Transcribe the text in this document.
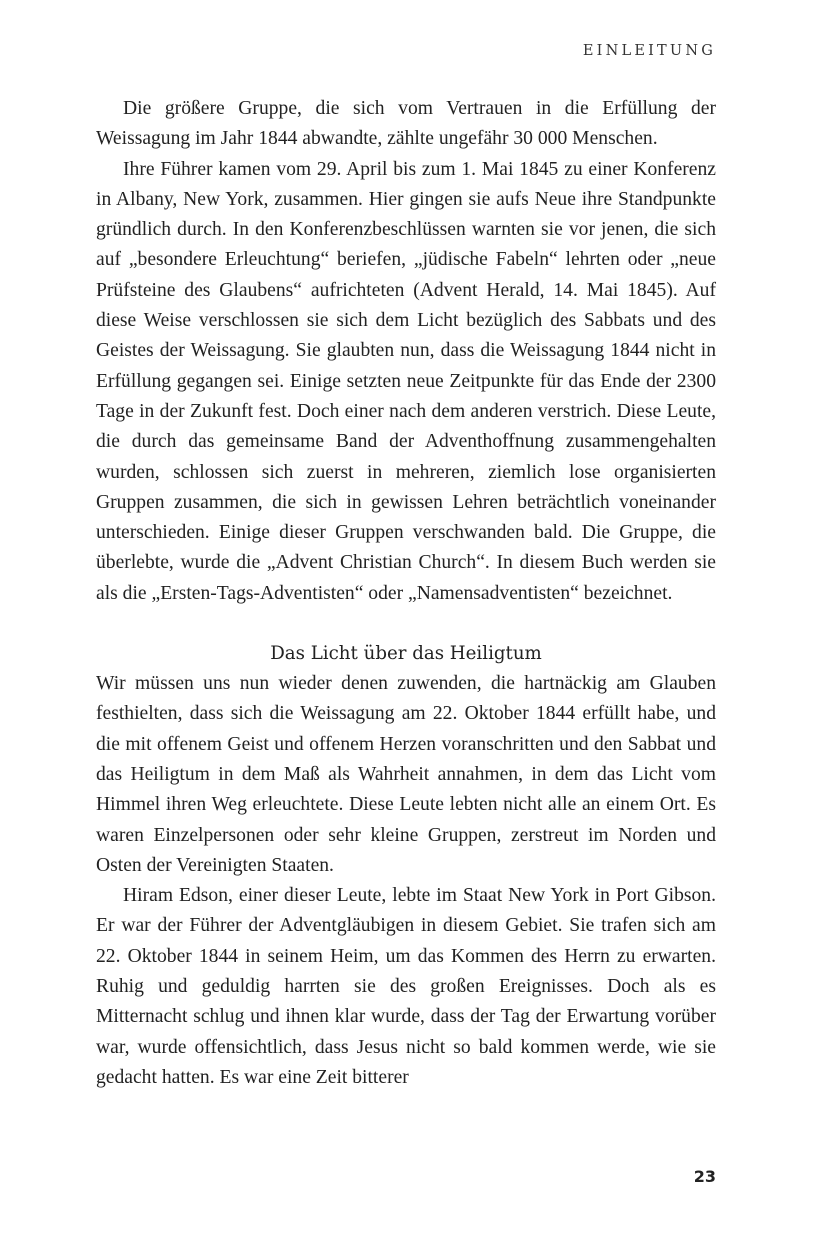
EINLEITUNG

Die größere Gruppe, die sich vom Vertrauen in die Erfüllung der Weissagung im Jahr 1844 abwandte, zählte ungefähr 30 000 Menschen.

Ihre Führer kamen vom 29. April bis zum 1. Mai 1845 zu einer Konferenz in Albany, New York, zusammen. Hier gingen sie aufs Neue ihre Standpunkte gründlich durch. In den Konferenzbeschlüssen warnten sie vor jenen, die sich auf „besondere Erleuchtung“ beriefen, „jüdische Fabeln“ lehrten oder „neue Prüfsteine des Glaubens“ aufrichteten (Advent Herald, 14. Mai 1845). Auf diese Weise verschlossen sie sich dem Licht bezüglich des Sabbats und des Geistes der Weissagung. Sie glaubten nun, dass die Weissagung 1844 nicht in Erfüllung gegangen sei. Einige setzten neue Zeitpunkte für das Ende der 2300 Tage in der Zukunft fest. Doch einer nach dem anderen verstrich. Diese Leute, die durch das gemeinsame Band der Adventhoffnung zusammengehalten wurden, schlossen sich zuerst in mehreren, ziemlich lose organisierten Gruppen zusammen, die sich in gewissen Lehren beträchtlich voneinander unterschieden. Einige dieser Gruppen verschwanden bald. Die Gruppe, die überlebte, wurde die „Advent Christian Church“. In diesem Buch werden sie als die „Ersten-Tags-Adventisten“ oder „Namensadventisten“ bezeichnet.

Das Licht über das Heiligtum

Wir müssen uns nun wieder denen zuwenden, die hartnäckig am Glauben festhielten, dass sich die Weissagung am 22. Oktober 1844 erfüllt habe, und die mit offenem Geist und offenem Herzen voranschritten und den Sabbat und das Heiligtum in dem Maß als Wahrheit annahmen, in dem das Licht vom Himmel ihren Weg erleuchtete. Diese Leute lebten nicht alle an einem Ort. Es waren Einzelpersonen oder sehr kleine Gruppen, zerstreut im Norden und Osten der Vereinigten Staaten.

Hiram Edson, einer dieser Leute, lebte im Staat New York in Port Gibson. Er war der Führer der Adventgläubigen in diesem Gebiet. Sie trafen sich am 22. Oktober 1844 in seinem Heim, um das Kommen des Herrn zu erwarten. Ruhig und geduldig harrten sie des großen Ereignisses. Doch als es Mitternacht schlug und ihnen klar wurde, dass der Tag der Erwartung vorüber war, wurde offensichtlich, dass Jesus nicht so bald kommen werde, wie sie gedacht hatten. Es war eine Zeit bitterer

23
